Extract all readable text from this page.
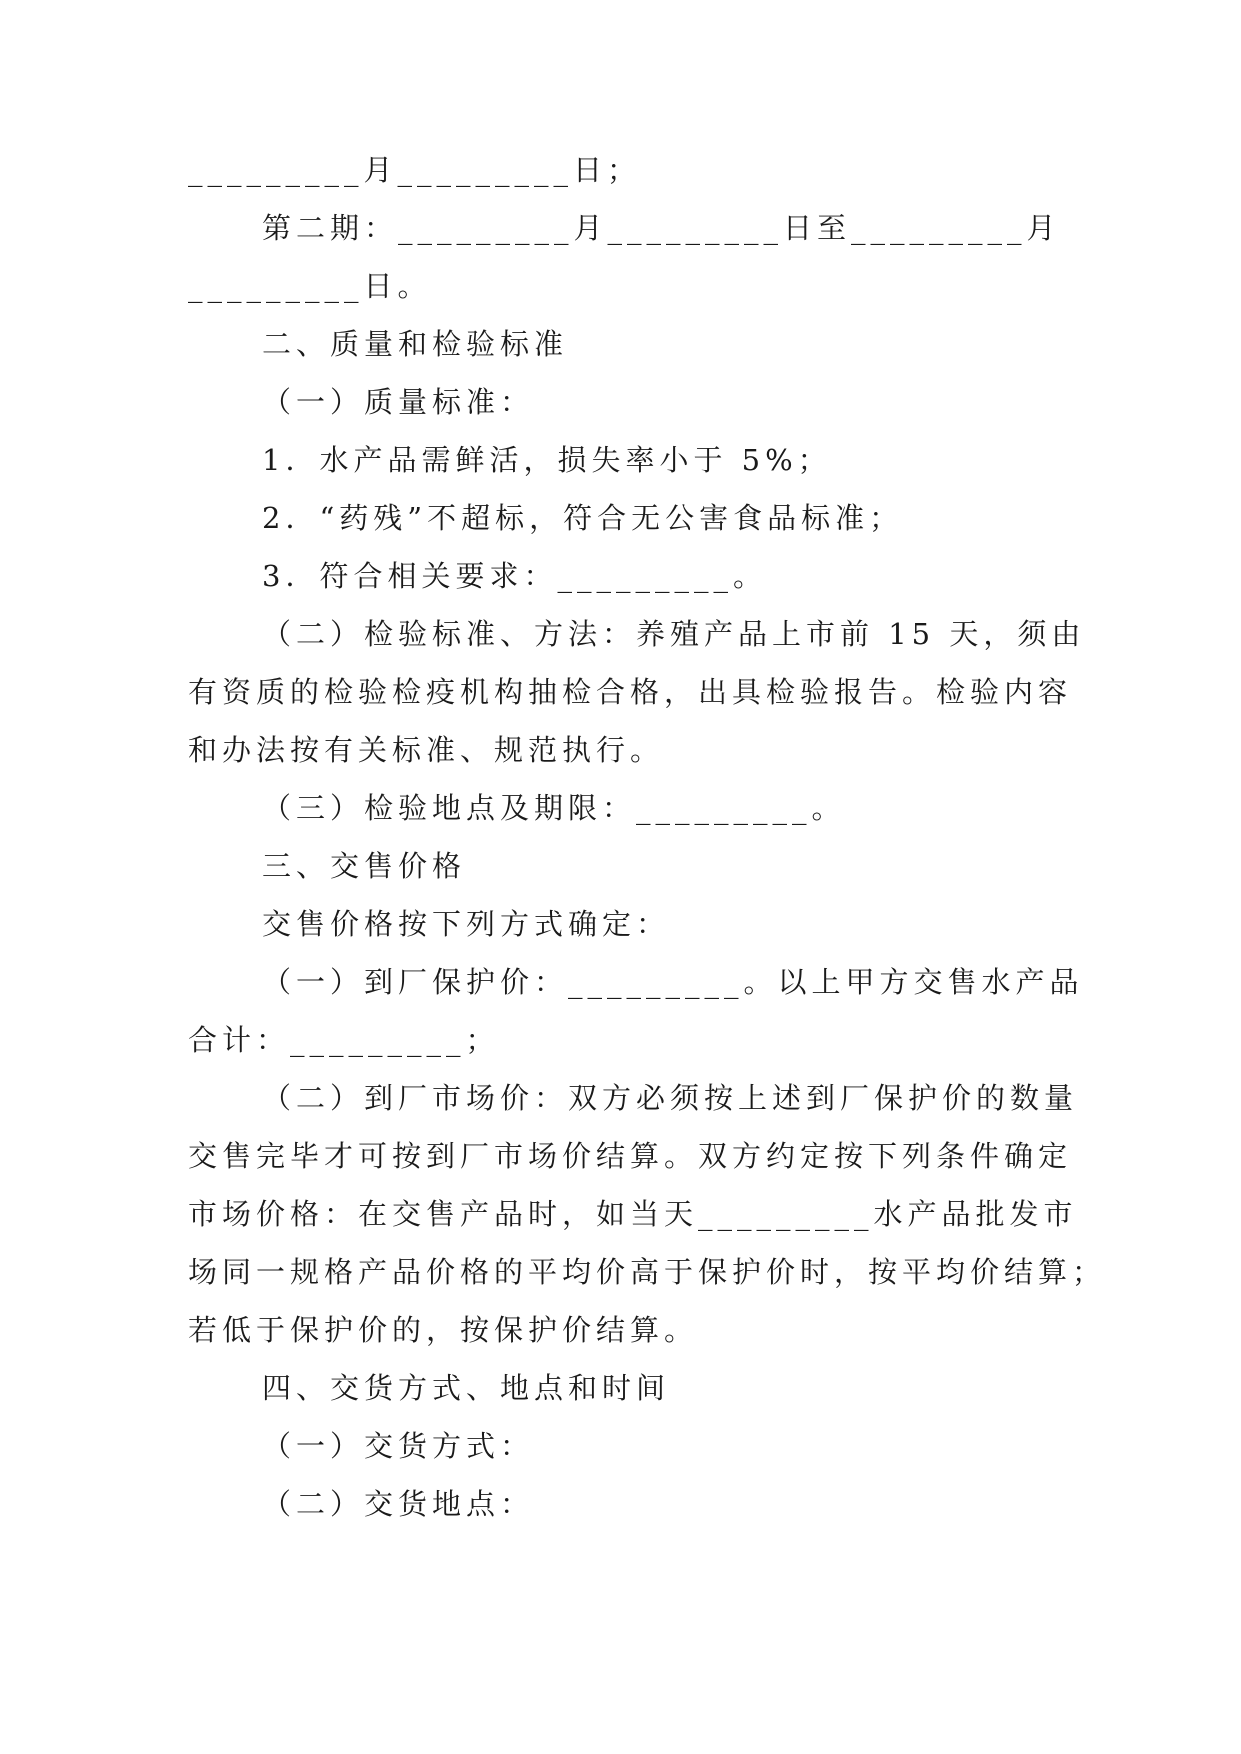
_________月_________日；
第二期：_________月_________日至_________月
_________日。
二、质量和检验标准
（一）质量标准：
1．水产品需鲜活，损失率小于 5%；
2．“药残”不超标，符合无公害食品标准；
3．符合相关要求：_________。
（二）检验标准、方法：养殖产品上市前 15 天，须由
有资质的检验检疫机构抽检合格，出具检验报告。检验内容
和办法按有关标准、规范执行。
（三）检验地点及期限：_________。
三、交售价格
交售价格按下列方式确定：
（一）到厂保护价：_________。以上甲方交售水产品
合计：_________；
（二）到厂市场价：双方必须按上述到厂保护价的数量
交售完毕才可按到厂市场价结算。双方约定按下列条件确定
市场价格：在交售产品时，如当天_________水产品批发市
场同一规格产品价格的平均价高于保护价时，按平均价结算；
若低于保护价的，按保护价结算。
四、交货方式、地点和时间
（一）交货方式：
（二）交货地点：
